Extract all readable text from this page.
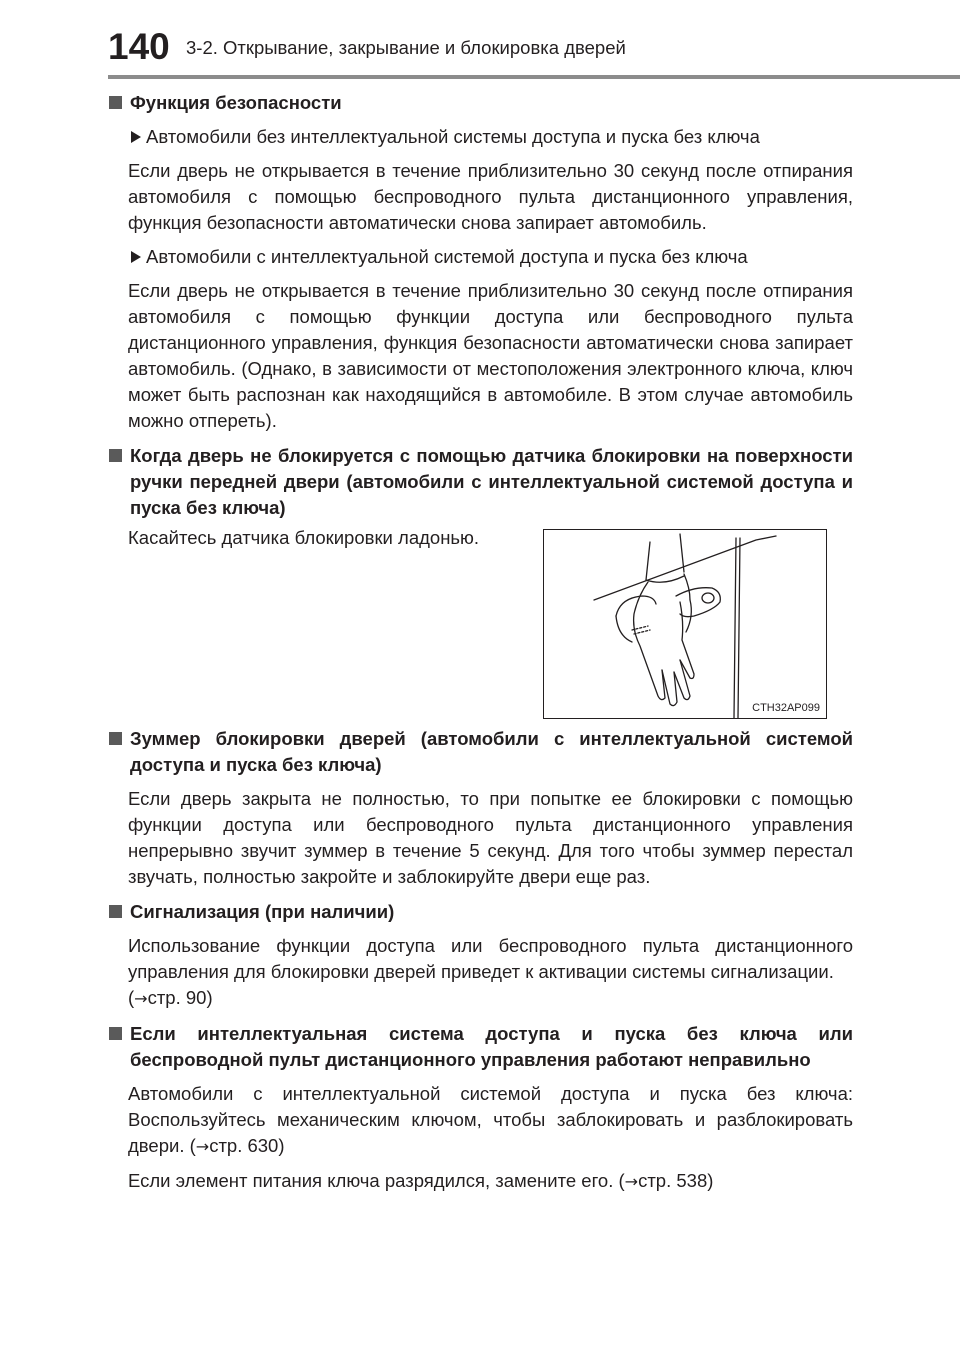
140 3-2. Открывание, закрывание и блокировка дверей

Функция безопасности

Автомобили без интеллектуальной системы доступа и пуска без ключа

Если дверь не открывается в течение приблизительно 30 секунд после отпирания автомобиля с помощью беспроводного пульта дистанционного управления, функция безопасности автоматически снова запирает автомобиль.

Автомобили с интеллектуальной системой доступа и пуска без ключа

Если дверь не открывается в течение приблизительно 30 секунд после отпирания автомобиля с помощью функции доступа или беспроводного пульта дистанционного управления, функция безопасности автоматически снова запирает автомобиль. (Однако, в зависимости от местоположения электронного ключа, ключ может быть распознан как находящийся в автомобиле. В этом случае автомобиль можно отпереть).

Когда дверь не блокируется с помощью датчика блокировки на поверхности ручки передней двери (автомобили с интеллектуальной системой доступа и пуска без ключа)

Касайтесь датчика блокировки ладонью.

CTH32AP099

Зуммер блокировки дверей (автомобили с интеллектуальной системой доступа и пуска без ключа)

Если дверь закрыта не полностью, то при попытке ее блокировки с помощью функции доступа или беспроводного пульта дистанционного управления непрерывно звучит зуммер в течение 5 секунд. Для того чтобы зуммер перестал звучать, полностью закройте и заблокируйте двери еще раз.

Сигнализация (при наличии)

Использование функции доступа или беспроводного пульта дистанционного управления для блокировки дверей приведет к активации системы сигнализации.
(→стр. 90)

Если интеллектуальная система доступа и пуска без ключа или беспроводной пульт дистанционного управления работают неправильно

Автомобили с интеллектуальной системой доступа и пуска без ключа: Воспользуйтесь механическим ключом, чтобы заблокировать и разблокировать двери. (→стр. 630)

Если элемент питания ключа разрядился, замените его. (→стр. 538)
